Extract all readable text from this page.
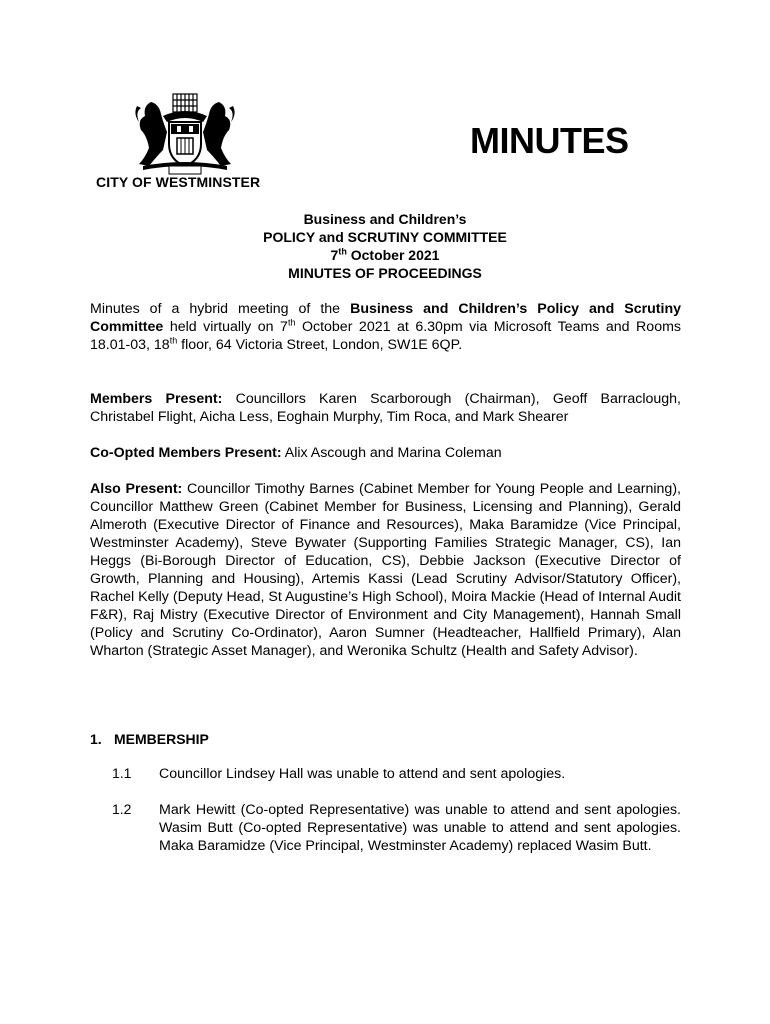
CITY OF WESTMINSTER
MINUTES
Business and Children’s
POLICY and SCRUTINY COMMITTEE
7th October 2021
MINUTES OF PROCEEDINGS
Minutes of a hybrid meeting of the Business and Children’s Policy and Scrutiny Committee held virtually on 7th October 2021 at 6.30pm via Microsoft Teams and Rooms 18.01-03, 18th floor, 64 Victoria Street, London, SW1E 6QP.
Members Present: Councillors Karen Scarborough (Chairman), Geoff Barraclough, Christabel Flight, Aicha Less, Eoghain Murphy, Tim Roca, and Mark Shearer
Co-Opted Members Present: Alix Ascough and Marina Coleman
Also Present: Councillor Timothy Barnes (Cabinet Member for Young People and Learning), Councillor Matthew Green (Cabinet Member for Business, Licensing and Planning), Gerald Almeroth (Executive Director of Finance and Resources), Maka Baramidze (Vice Principal, Westminster Academy), Steve Bywater (Supporting Families Strategic Manager, CS), Ian Heggs (Bi-Borough Director of Education, CS), Debbie Jackson (Executive Director of Growth, Planning and Housing), Artemis Kassi (Lead Scrutiny Advisor/Statutory Officer), Rachel Kelly (Deputy Head, St Augustine’s High School), Moira Mackie (Head of Internal Audit F&R), Raj Mistry (Executive Director of Environment and City Management), Hannah Small (Policy and Scrutiny Co-Ordinator), Aaron Sumner (Headteacher, Hallfield Primary), Alan Wharton (Strategic Asset Manager), and Weronika Schultz (Health and Safety Advisor).
1. MEMBERSHIP
1.1 Councillor Lindsey Hall was unable to attend and sent apologies.
1.2 Mark Hewitt (Co-opted Representative) was unable to attend and sent apologies. Wasim Butt (Co-opted Representative) was unable to attend and sent apologies. Maka Baramidze (Vice Principal, Westminster Academy) replaced Wasim Butt.
